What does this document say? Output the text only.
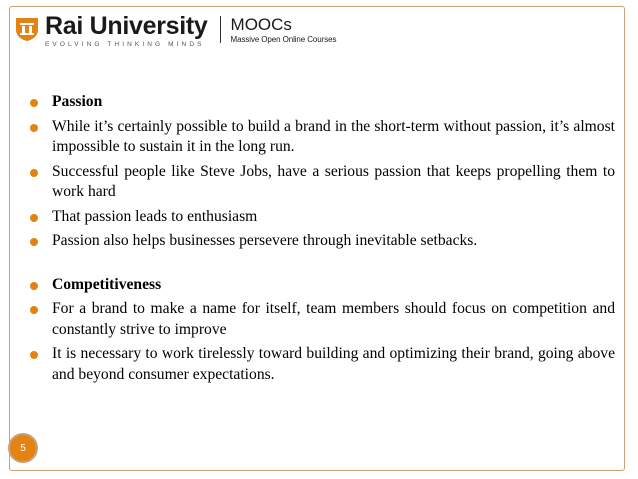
Rai University
EVOLVING THINKING MINDS
MOOCs
Massive Open Online Courses
Passion
While it’s certainly possible to build a brand in the short-term without passion, it’s almost impossible to sustain it in the long run.
Successful people like Steve Jobs, have a serious passion that keeps propelling them to work hard
That passion leads to enthusiasm
Passion also helps businesses persevere through inevitable setbacks.
Competitiveness
For a brand to make a name for itself, team members should focus on competition and constantly strive to improve
It is necessary to work tirelessly toward building and optimizing their brand, going above and beyond consumer expectations.
5
